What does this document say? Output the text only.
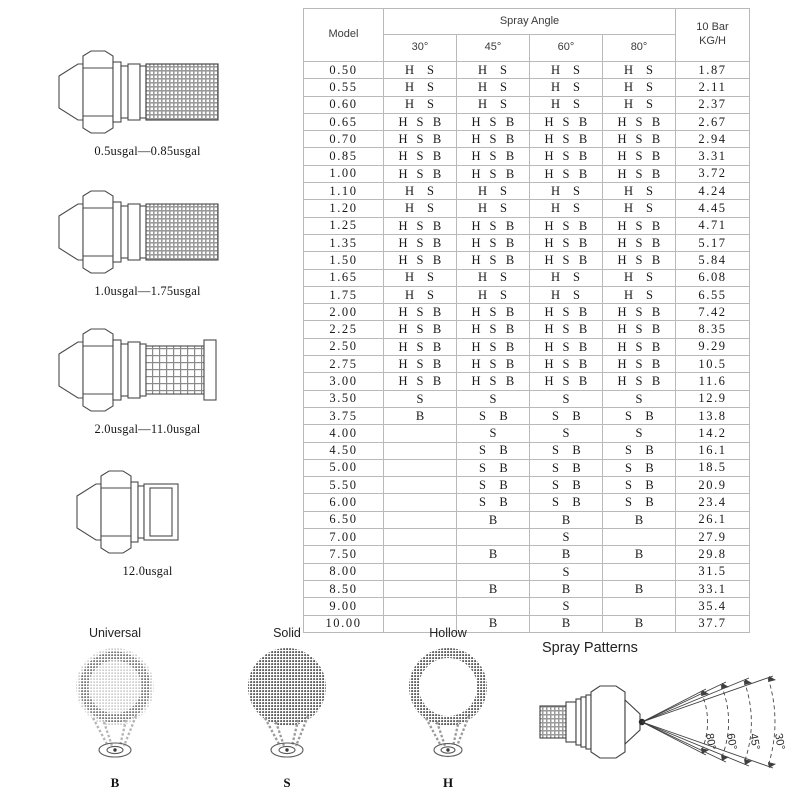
0.5usgal—0.85usgal
1.0usgal—1.75usgal
2.0usgal—11.0usgal
12.0usgal
Model	Spray Angle				10 Bar
KG/H

	30°	45°	60°	80°	
0.50	H S	H S	H S	H S	1.87
0.55	H S	H S	H S	H S	2.11
0.60	H S	H S	H S	H S	2.37
0.65	H S B	H S B	H S B	H S B	2.67
0.70	H S B	H S B	H S B	H S B	2.94
0.85	H S B	H S B	H S B	H S B	3.31
1.00	H S B	H S B	H S B	H S B	3.72
1.10	H S	H S	H S	H S	4.24
1.20	H S	H S	H S	H S	4.45
1.25	H S B	H S B	H S B	H S B	4.71
1.35	H S B	H S B	H S B	H S B	5.17
1.50	H S B	H S B	H S B	H S B	5.84
1.65	H S	H S	H S	H S	6.08
1.75	H S	H S	H S	H S	6.55
2.00	H S B	H S B	H S B	H S B	7.42
2.25	H S B	H S B	H S B	H S B	8.35
2.50	H S B	H S B	H S B	H S B	9.29
2.75	H S B	H S B	H S B	H S B	10.5
3.00	H S B	H S B	H S B	H S B	11.6
3.50	S	S	S	S	12.9
3.75	B	S B	S B	S B	13.8
4.00		S	S	S	14.2
4.50		S B	S B	S B	16.1
5.00		S B	S B	S B	18.5
5.50		S B	S B	S B	20.9
6.00		S B	S B	S B	23.4
6.50		B	B	B	26.1
7.00			S		27.9
7.50		B	B	B	29.8
8.00			S		31.5
8.50		B	B	B	33.1
9.00			S		35.4
10.00		B	B	B	37.7
Universal
B
Solid
S
Hollow
H
Spray Patterns
80° 60° 45° 30°
